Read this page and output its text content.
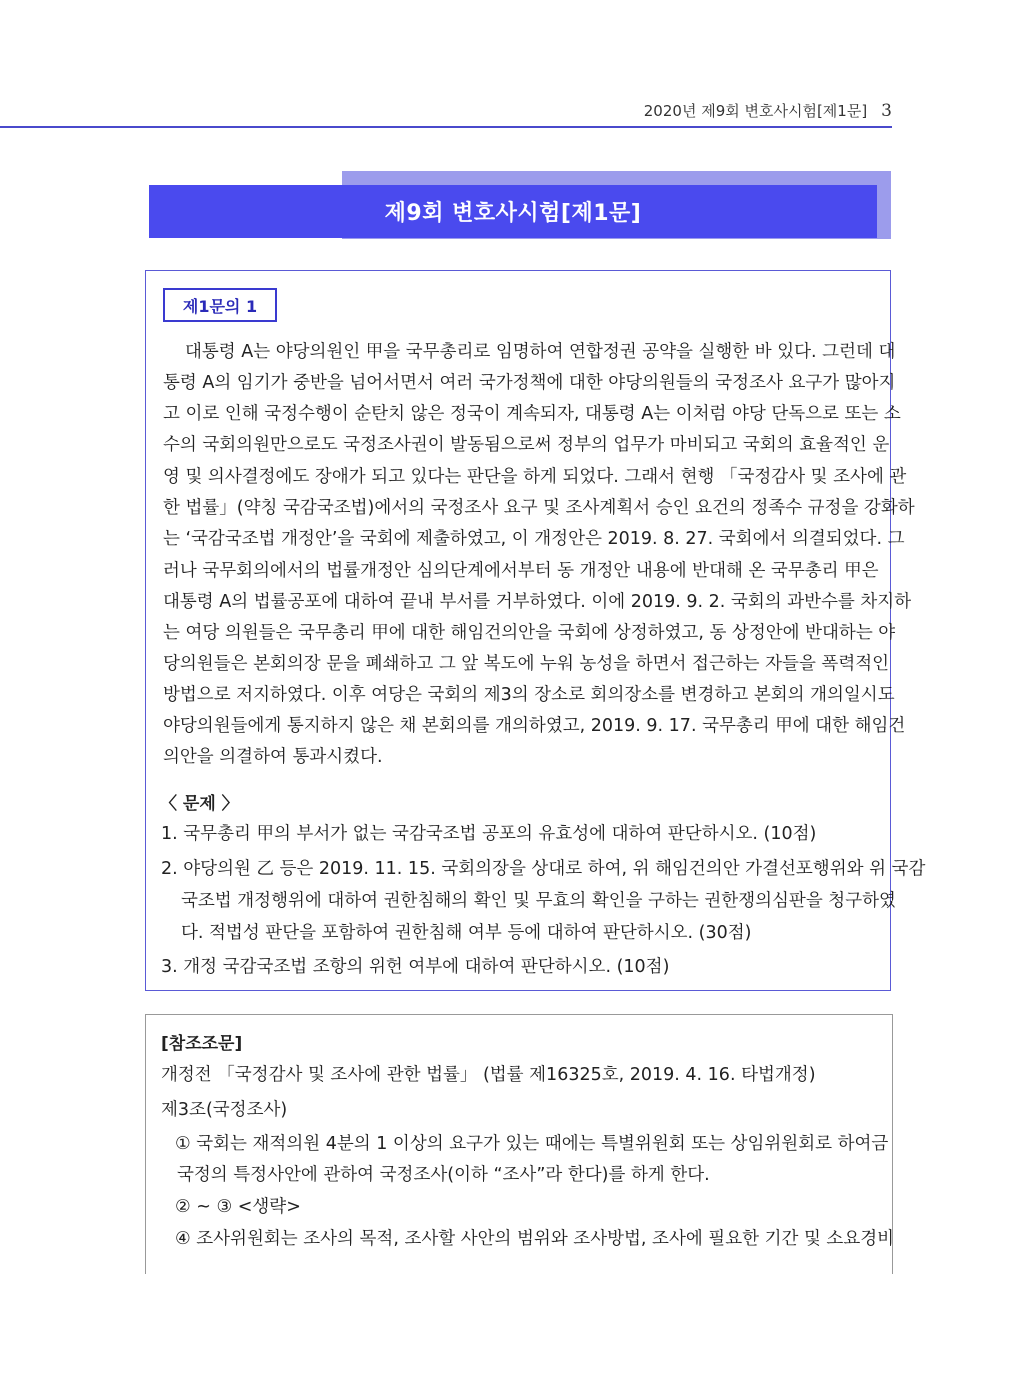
2020년 제9회 변호사시험[제1문] 3
제9회 변호사시험[제1문]
제1문의 1
대통령 A는 야당의원인 甲을 국무총리로 임명하여 연합정권 공약을 실행한 바 있다. 그런데 대
통령 A의 임기가 중반을 넘어서면서 여러 국가정책에 대한 야당의원들의 국정조사 요구가 많아지
고 이로 인해 국정수행이 순탄치 않은 정국이 계속되자, 대통령 A는 이처럼 야당 단독으로 또는 소
수의 국회의원만으로도 국정조사권이 발동됨으로써 정부의 업무가 마비되고 국회의 효율적인 운
영 및 의사결정에도 장애가 되고 있다는 판단을 하게 되었다. 그래서 현행 「국정감사 및 조사에 관
한 법률」(약칭 국감국조법)에서의 국정조사 요구 및 조사계획서 승인 요건의 정족수 규정을 강화하
는 ‘국감국조법 개정안’을 국회에 제출하였고, 이 개정안은 2019. 8. 27. 국회에서 의결되었다. 그
러나 국무회의에서의 법률개정안 심의단계에서부터 동 개정안 내용에 반대해 온 국무총리 甲은
대통령 A의 법률공포에 대하여 끝내 부서를 거부하였다. 이에 2019. 9. 2. 국회의 과반수를 차지하
는 여당 의원들은 국무총리 甲에 대한 해임건의안을 국회에 상정하였고, 동 상정안에 반대하는 야
당의원들은 본회의장 문을 폐쇄하고 그 앞 복도에 누워 농성을 하면서 접근하는 자들을 폭력적인
방법으로 저지하였다. 이후 여당은 국회의 제3의 장소로 회의장소를 변경하고 본회의 개의일시도
야당의원들에게 통지하지 않은 채 본회의를 개의하였고, 2019. 9. 17. 국무총리 甲에 대한 해임건
의안을 의결하여 통과시켰다.
〈 문제 〉
1. 국무총리 甲의 부서가 없는 국감국조법 공포의 유효성에 대하여 판단하시오. (10점)
2. 야당의원 乙 등은 2019. 11. 15. 국회의장을 상대로 하여, 위 해임건의안 가결선포행위와 위 국감
국조법 개정행위에 대하여 권한침해의 확인 및 무효의 확인을 구하는 권한쟁의심판을 청구하였
다. 적법성 판단을 포함하여 권한침해 여부 등에 대하여 판단하시오. (30점)
3. 개정 국감국조법 조항의 위헌 여부에 대하여 판단하시오. (10점)
[참조조문]
개정전 「국정감사 및 조사에 관한 법률」 (법률 제16325호, 2019. 4. 16. 타법개정)
제3조(국정조사)
① 국회는 재적의원 4분의 1 이상의 요구가 있는 때에는 특별위원회 또는 상임위원회로 하여금
국정의 특정사안에 관하여 국정조사(이하 “조사”라 한다)를 하게 한다.
② ~ ③ <생략>
④ 조사위원회는 조사의 목적, 조사할 사안의 범위와 조사방법, 조사에 필요한 기간 및 소요경비
